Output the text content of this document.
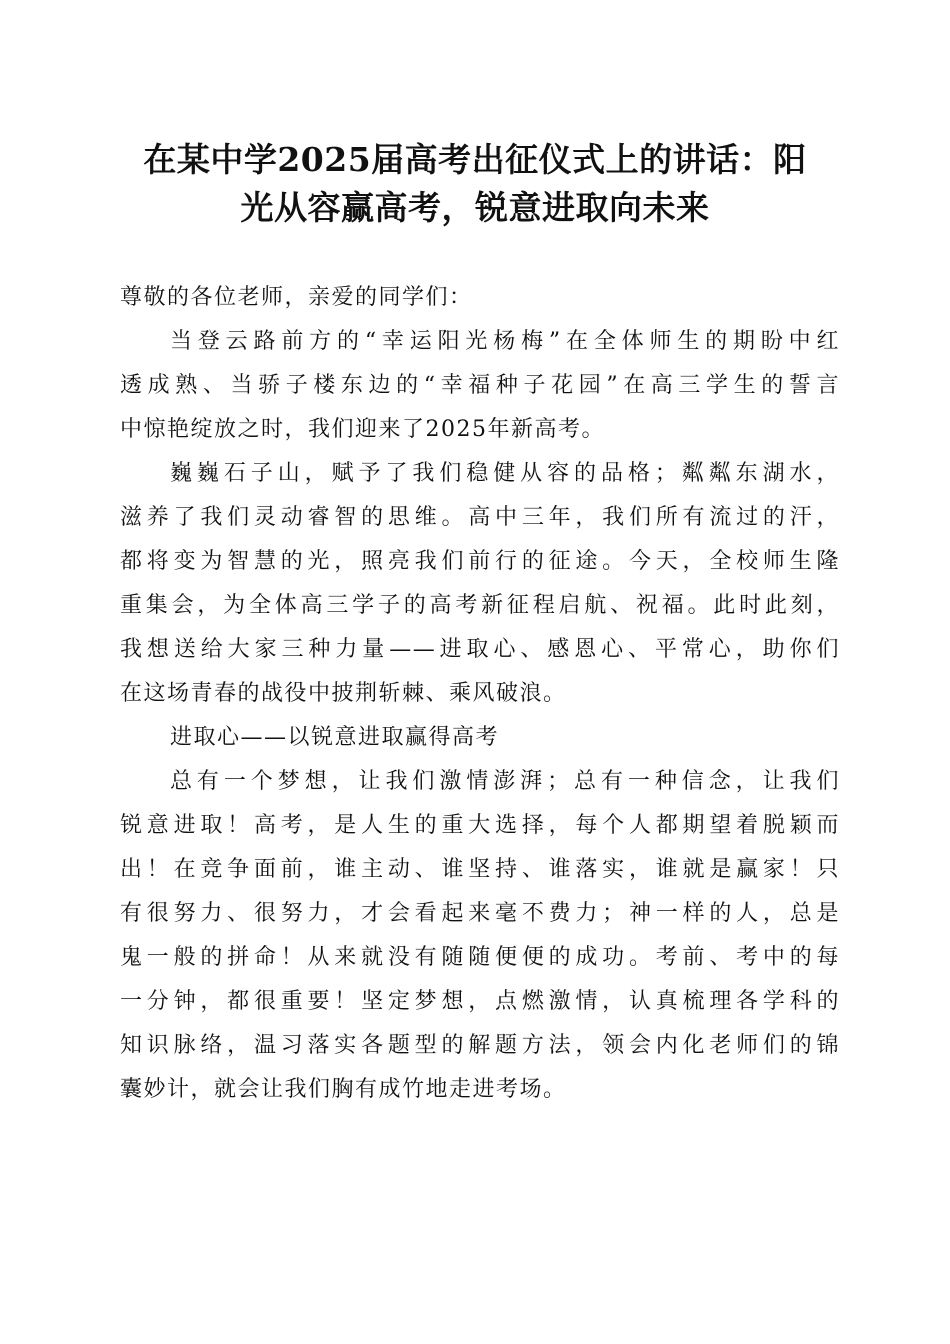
在某中学2025届高考出征仪式上的讲话：阳
光从容赢高考，锐意进取向未来

尊敬的各位老师，亲爱的同学们：

当登云路前方的“幸运阳光杨梅”在全体师生的期盼中红
透成熟、当骄子楼东边的“幸福种子花园”在高三学生的誓言
中惊艳绽放之时，我们迎来了2025年新高考。

巍巍石子山，赋予了我们稳健从容的品格；粼粼东湖水，
滋养了我们灵动睿智的思维。高中三年，我们所有流过的汗，
都将变为智慧的光，照亮我们前行的征途。今天，全校师生隆
重集会，为全体高三学子的高考新征程启航、祝福。此时此刻，
我想送给大家三种力量——进取心、感恩心、平常心，助你们
在这场青春的战役中披荆斩棘、乘风破浪。

进取心——以锐意进取赢得高考

总有一个梦想，让我们激情澎湃；总有一种信念，让我们
锐意进取！高考，是人生的重大选择，每个人都期望着脱颖而
出！在竞争面前，谁主动、谁坚持、谁落实，谁就是赢家！只
有很努力、很努力，才会看起来毫不费力；神一样的人，总是
鬼一般的拼命！从来就没有随随便便的成功。考前、考中的每
一分钟，都很重要！坚定梦想，点燃激情，认真梳理各学科的
知识脉络，温习落实各题型的解题方法，领会内化老师们的锦
囊妙计，就会让我们胸有成竹地走进考场。
